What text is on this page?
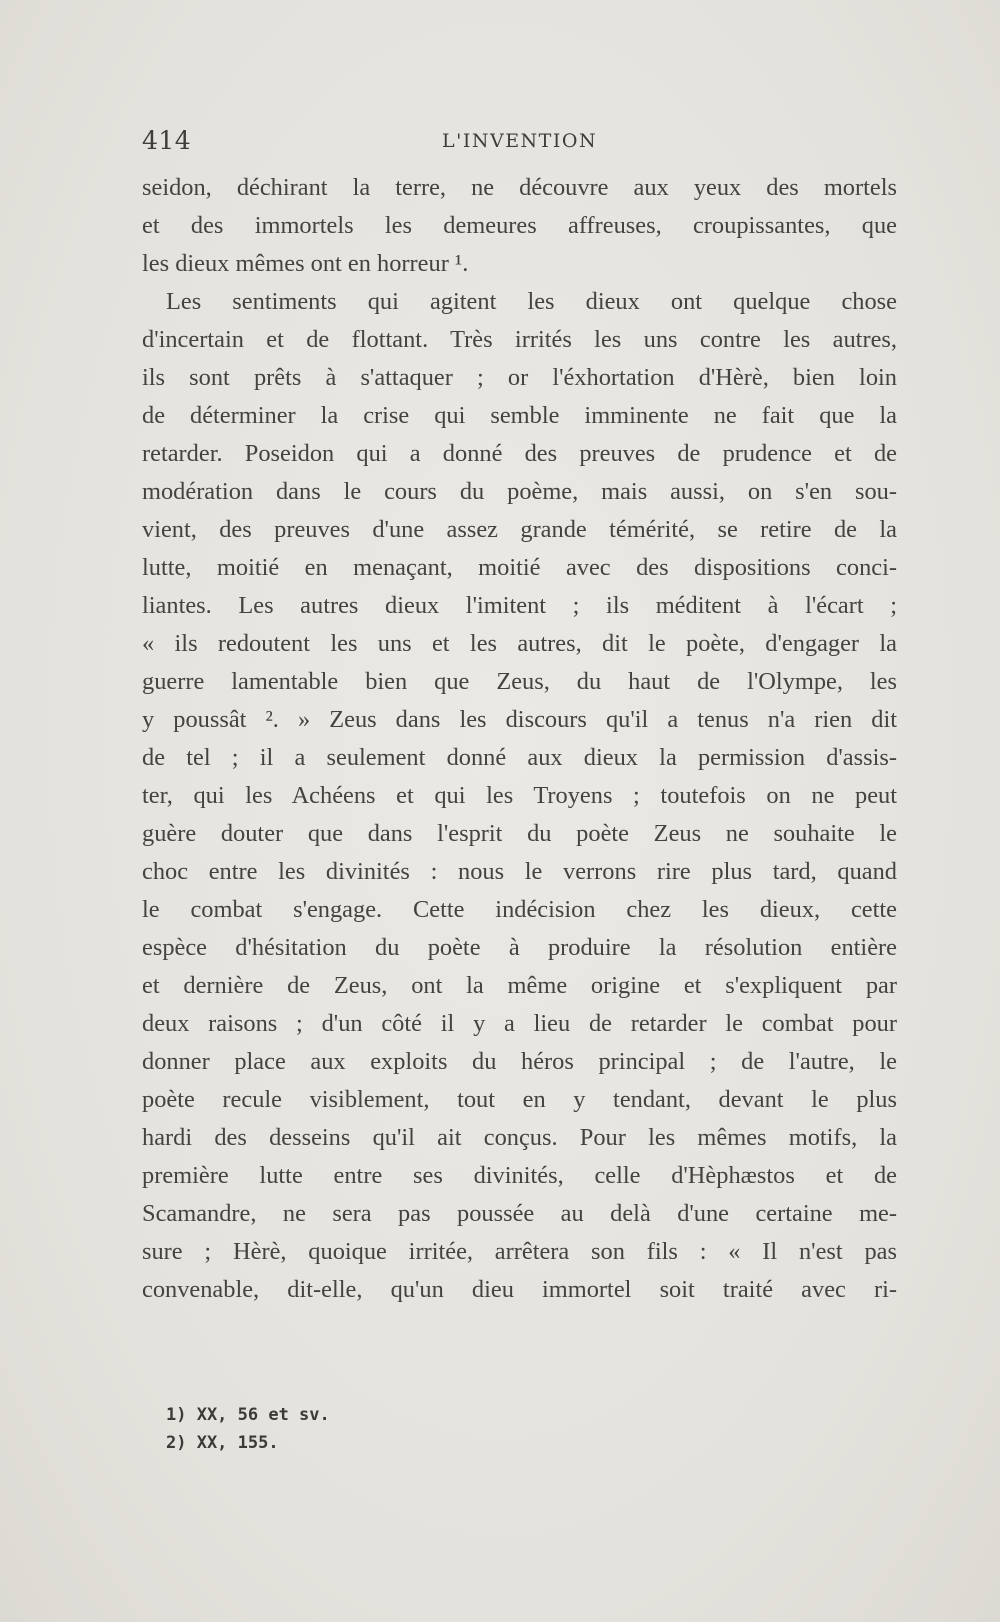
414	L'INVENTION
seidon, déchirant la terre, ne découvre aux yeux des mortels
et des immortels les demeures affreuses, croupissantes, que
les dieux mêmes ont en horreur ¹.
Les sentiments qui agitent les dieux ont quelque chose
d'incertain et de flottant. Très irrités les uns contre les autres,
ils sont prêts à s'attaquer ; or l'éxhortation d'Hèrè, bien loin
de déterminer la crise qui semble imminente ne fait que la
retarder. Poseidon qui a donné des preuves de prudence et de
modération dans le cours du poème, mais aussi, on s'en sou-
vient, des preuves d'une assez grande témérité, se retire de la
lutte, moitié en menaçant, moitié avec des dispositions conci-
liantes. Les autres dieux l'imitent ; ils méditent à l'écart ;
« ils redoutent les uns et les autres, dit le poète, d'engager la
guerre lamentable bien que Zeus, du haut de l'Olympe, les
y poussât ². » Zeus dans les discours qu'il a tenus n'a rien dit
de tel ; il a seulement donné aux dieux la permission d'assis-
ter, qui les Achéens et qui les Troyens ; toutefois on ne peut
guère douter que dans l'esprit du poète Zeus ne souhaite le
choc entre les divinités : nous le verrons rire plus tard, quand
le combat s'engage. Cette indécision chez les dieux, cette
espèce d'hésitation du poète à produire la résolution entière
et dernière de Zeus, ont la même origine et s'expliquent par
deux raisons ; d'un côté il y a lieu de retarder le combat pour
donner place aux exploits du héros principal ; de l'autre, le
poète recule visiblement, tout en y tendant, devant le plus
hardi des desseins qu'il ait conçus. Pour les mêmes motifs, la
première lutte entre ses divinités, celle d'Hèphæstos et de
Scamandre, ne sera pas poussée au delà d'une certaine me-
sure ; Hèrè, quoique irritée, arrêtera son fils : « Il n'est pas
convenable, dit-elle, qu'un dieu immortel soit traité avec ri-
1) XX, 56 et sv.
2) XX, 155.
